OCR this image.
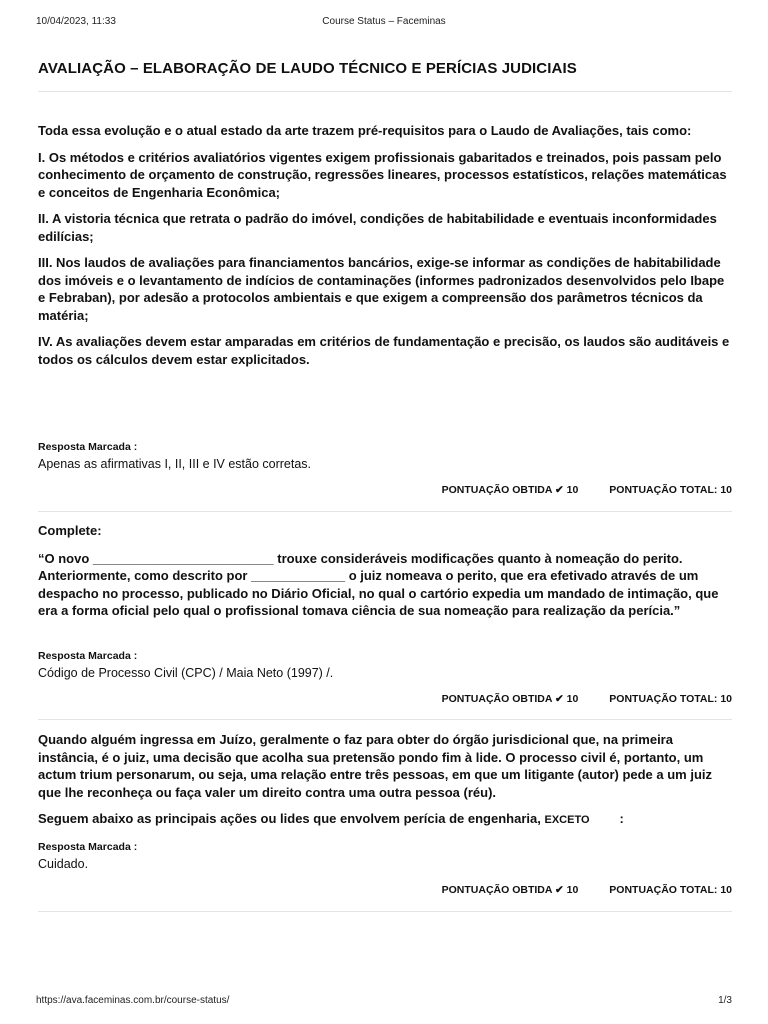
10/04/2023, 11:33	Course Status – Faceminas
AVALIAÇÃO – ELABORAÇÃO DE LAUDO TÉCNICO E PERÍCIAS JUDICIAIS

Toda essa evolução e o atual estado da arte trazem pré-requisitos para o Laudo de Avaliações, tais como:

I. Os métodos e critérios avaliatórios vigentes exigem profissionais gabaritados e treinados, pois passam pelo conhecimento de orçamento de construção, regressões lineares, processos estatísticos, relações matemáticas e conceitos de Engenharia Econômica;

II. A vistoria técnica que retrata o padrão do imóvel, condições de habitabilidade e eventuais inconformidades edilícias;

III. Nos laudos de avaliações para financiamentos bancários, exige-se informar as condições de habitabilidade dos imóveis e o levantamento de indícios de contaminações (informes padronizados desenvolvidos pelo Ibape e Febraban), por adesão a protocolos ambientais e que exigem a compreensão dos parâmetros técnicos da matéria;

IV. As avaliações devem estar amparadas em critérios de fundamentação e precisão, os laudos são auditáveis e todos os cálculos devem estar explicitados.

Resposta Marcada :
Apenas as afirmativas I, II, III e IV estão corretas.
PONTUAÇÃO OBTIDA ✔ 10	PONTUAÇÃO TOTAL: 10

Complete:

“O novo _________________________ trouxe consideráveis modificações quanto à nomeação do perito. Anteriormente, como descrito por _____________ o juiz nomeava o perito, que era efetivado através de um despacho no processo, publicado no Diário Oficial, no qual o cartório expedia um mandado de intimação, que era a forma oficial pelo qual o profissional tomava ciência de sua nomeação para realização da perícia.”

Resposta Marcada :
Código de Processo Civil (CPC) / Maia Neto (1997) /.
PONTUAÇÃO OBTIDA ✔ 10	PONTUAÇÃO TOTAL: 10

Quando alguém ingressa em Juízo, geralmente o faz para obter do órgão jurisdicional que, na primeira instância, é o juiz, uma decisão que acolha sua pretensão pondo fim à lide. O processo civil é, portanto, um actum trium personarum, ou seja, uma relação entre três pessoas, em que um litigante (autor) pede a um juiz que lhe reconheça ou faça valer um direito contra uma outra pessoa (réu).

Seguem abaixo as principais ações ou lides que envolvem perícia de engenharia, EXCETO :

Resposta Marcada :
Cuidado.
PONTUAÇÃO OBTIDA ✔ 10	PONTUAÇÃO TOTAL: 10
https://ava.faceminas.com.br/course-status/	1/3
